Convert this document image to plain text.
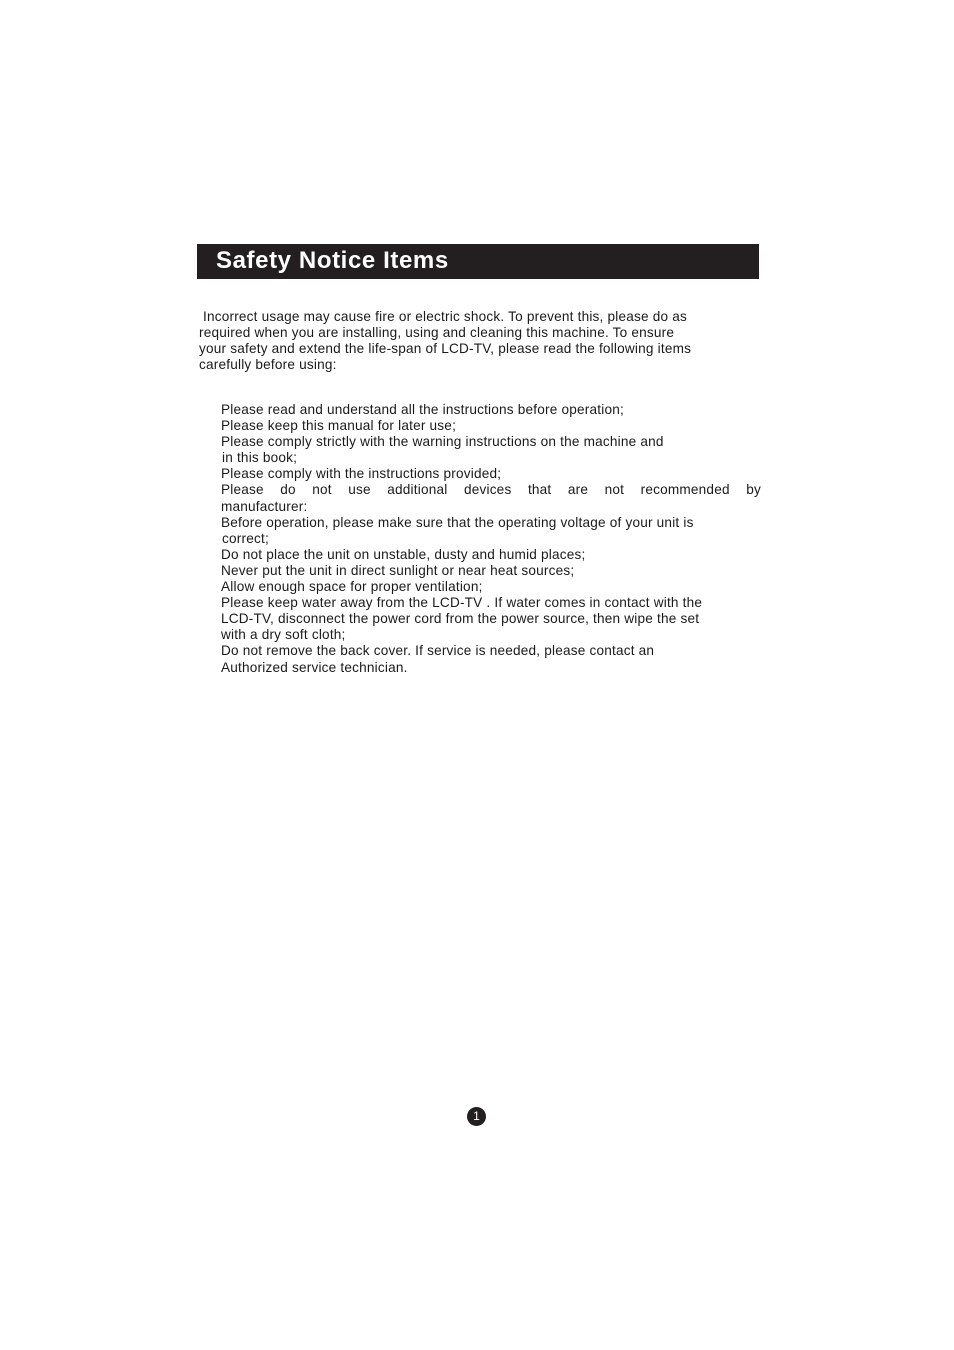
Safety Notice Items
Incorrect usage may cause fire or electric shock. To prevent this, please do as
required when you are installing, using and cleaning this machine. To ensure
your safety and extend the life-span of LCD-TV, please read the following items
carefully before using:
Please read and understand all the instructions before operation;
Please keep this manual for later use;
Please comply strictly with the warning instructions on the machine and
in this book;
Please comply with the instructions provided;
Please do not use additional devices that are not recommended by
manufacturer:
Before operation, please make sure that the operating voltage of your unit is
correct;
Do not place the unit on unstable, dusty and humid places;
Never put the unit in direct sunlight or near heat sources;
Allow enough space for proper ventilation;
Please keep water away from the LCD-TV . If water comes in contact with the
LCD-TV, disconnect the power cord from the power source, then wipe the set
with a dry soft cloth;
Do not remove the back cover. If service is needed, please contact an
Authorized service technician.
1
